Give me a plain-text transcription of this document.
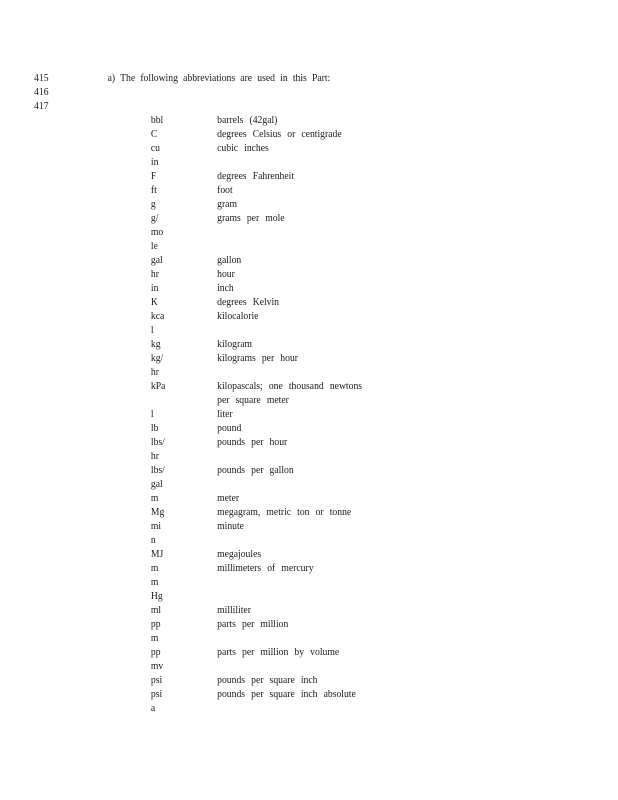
415
416
417
a) The following abbreviations are used in this Part:
bbl	barrels (42gal)
C	degrees Celsius or centigrade
cu	cubic inches
in
F	degrees Fahrenheit
ft	foot
g	gram
g/	grams per mole
mo
le
gal	gallon
hr	hour
in	inch
K	degrees Kelvin
kca	kilocalorie
l
kg	kilogram
kg/	kilograms per hour
hr
kPa	kilopascals; one thousand newtons
per square meter
l	liter
lb	pound
lbs/	pounds per hour
hr
lbs/	pounds per gallon
gal
m	meter
Mg	megagram, metric ton or tonne
mi	minute
n
MJ	megajoules
m	millimeters of mercury
m
Hg
ml	milliliter
pp	parts per million
m
pp	parts per million by volume
mv
psi	pounds per square inch
psi	pounds per square inch absolute
a
